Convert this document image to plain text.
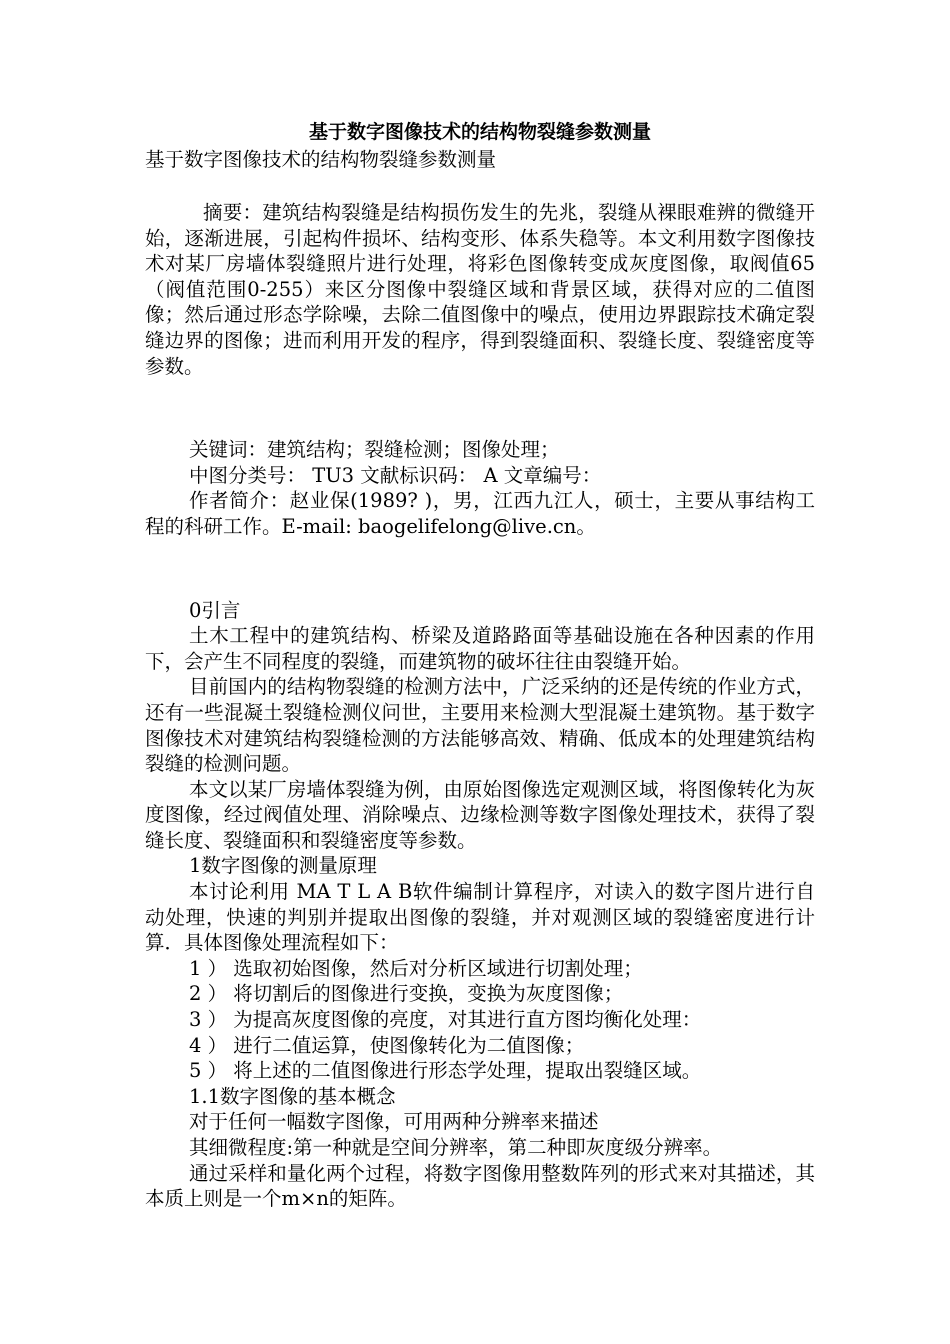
基于数字图像技术的结构物裂缝参数测量
基于数字图像技术的结构物裂缝参数测量

摘要：建筑结构裂缝是结构损伤发生的先兆，裂缝从裸眼难辨的微缝开始，逐渐进展，引起构件损坏、结构变形、体系失稳等。本文利用数字图像技术对某厂房墙体裂缝照片进行处理，将彩色图像转变成灰度图像，取阀值65（阀值范围0-255）来区分图像中裂缝区域和背景区域，获得对应的二值图像；然后通过形态学除噪，去除二值图像中的噪点，使用边界跟踪技术确定裂缝边界的图像；进而利用开发的程序，得到裂缝面积、裂缝长度、裂缝密度等参数。

关键词：建筑结构；裂缝检测；图像处理；

中图分类号： TU3 文献标识码： A 文章编号：

作者简介：赵业保(1989? )，男，江西九江人，硕士，主要从事结构工程的科研工作。E-mail: baogelifelong@live.cn。

0引言

土木工程中的建筑结构、桥梁及道路路面等基础设施在各种因素的作用下，会产生不同程度的裂缝，而建筑物的破坏往往由裂缝开始。

目前国内的结构物裂缝的检测方法中，广泛采纳的还是传统的作业方式，还有一些混凝土裂缝检测仪问世，主要用来检测大型混凝土建筑物。基于数字图像技术对建筑结构裂缝检测的方法能够高效、精确、低成本的处理建筑结构裂缝的检测问题。

本文以某厂房墙体裂缝为例，由原始图像选定观测区域，将图像转化为灰度图像，经过阀值处理、消除噪点、边缘检测等数字图像处理技术，获得了裂缝长度、裂缝面积和裂缝密度等参数。

1数字图像的测量原理

本讨论利用 MA T L A B软件编制计算程序，对读入的数字图片进行自动处理，快速的判别并提取出图像的裂缝，并对观测区域的裂缝密度进行计算．具体图像处理流程如下：

1 ） 选取初始图像，然后对分析区域进行切割处理；

2 ） 将切割后的图像进行变换，变换为灰度图像；

3 ） 为提高灰度图像的亮度，对其进行直方图均衡化处理：

4 ） 进行二值运算，使图像转化为二值图像；

5 ） 将上述的二值图像进行形态学处理，提取出裂缝区域。

1.1数字图像的基本概念

对于任何一幅数字图像，可用两种分辨率来描述

其细微程度:第一种就是空间分辨率，第二种即灰度级分辨率。

通过采样和量化两个过程，将数字图像用整数阵列的形式来对其描述，其本质上则是一个m×n的矩阵。
